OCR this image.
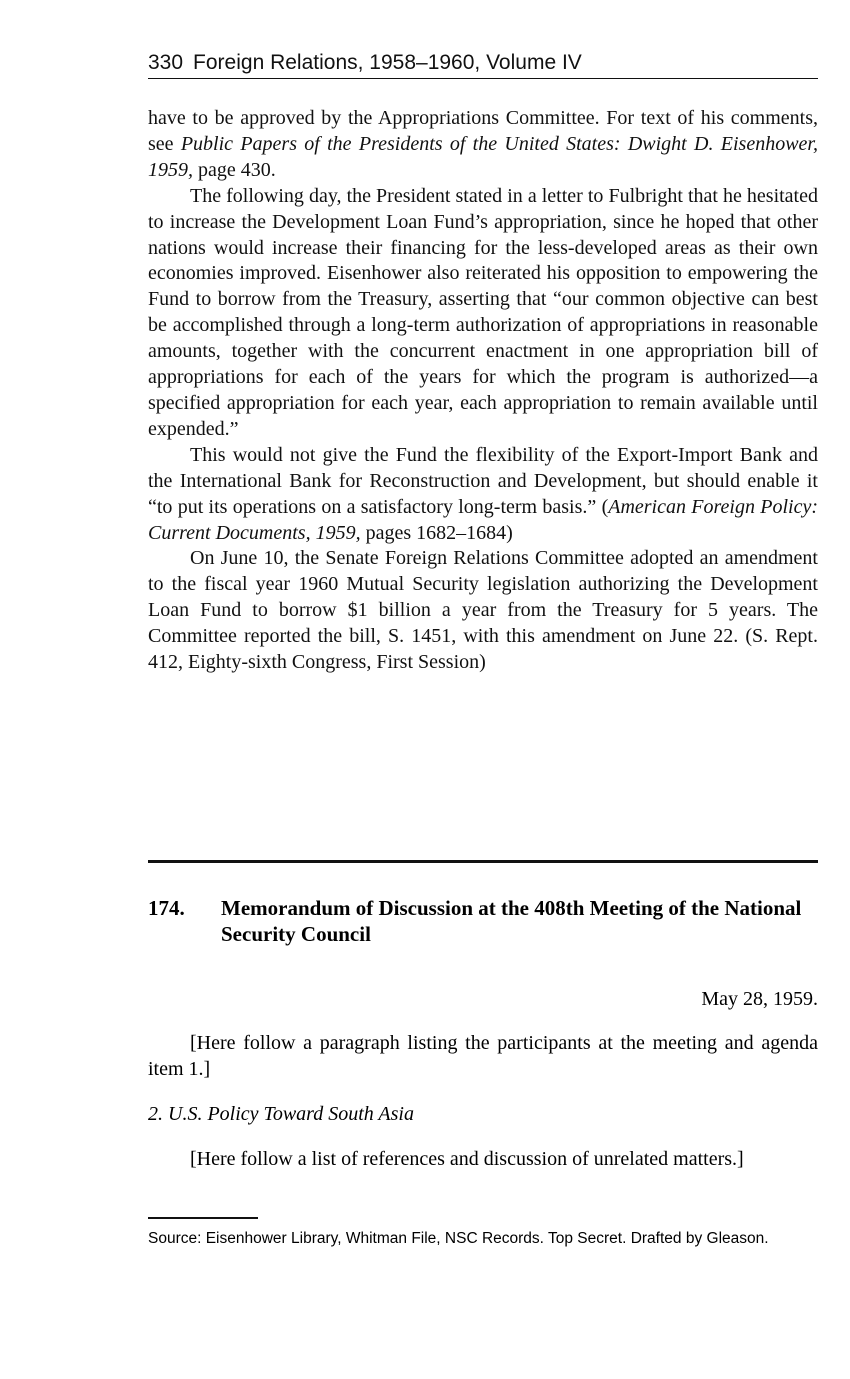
330 Foreign Relations, 1958–1960, Volume IV

have to be approved by the Appropriations Committee. For text of his comments, see Public Papers of the Presidents of the United States: Dwight D. Eisenhower, 1959, page 430.

The following day, the President stated in a letter to Fulbright that he hesitated to increase the Development Loan Fund’s appropriation, since he hoped that other nations would increase their financing for the less-developed areas as their own economies improved. Eisenhower also reiterated his opposition to empowering the Fund to borrow from the Treasury, asserting that “our common objective can best be accomplished through a long-term authorization of appropriations in reasonable amounts, together with the concurrent enactment in one appropriation bill of appropriations for each of the years for which the program is authorized—a specified appropriation for each year, each appropriation to remain available until expended.”

This would not give the Fund the flexibility of the Export-Import Bank and the International Bank for Reconstruction and Development, but should enable it “to put its operations on a satisfactory long-term basis.” (American Foreign Policy: Current Documents, 1959, pages 1682–1684)

On June 10, the Senate Foreign Relations Committee adopted an amendment to the fiscal year 1960 Mutual Security legislation authorizing the Development Loan Fund to borrow $1 billion a year from the Treasury for 5 years. The Committee reported the bill, S. 1451, with this amendment on June 22. (S. Rept. 412, Eighty-sixth Congress, First Session)

174. Memorandum of Discussion at the 408th Meeting of the National Security Council
May 28, 1959.

[Here follow a paragraph listing the participants at the meeting and agenda item 1.]

2. U.S. Policy Toward South Asia

[Here follow a list of references and discussion of unrelated matters.]

Source: Eisenhower Library, Whitman File, NSC Records. Top Secret. Drafted by Gleason.
